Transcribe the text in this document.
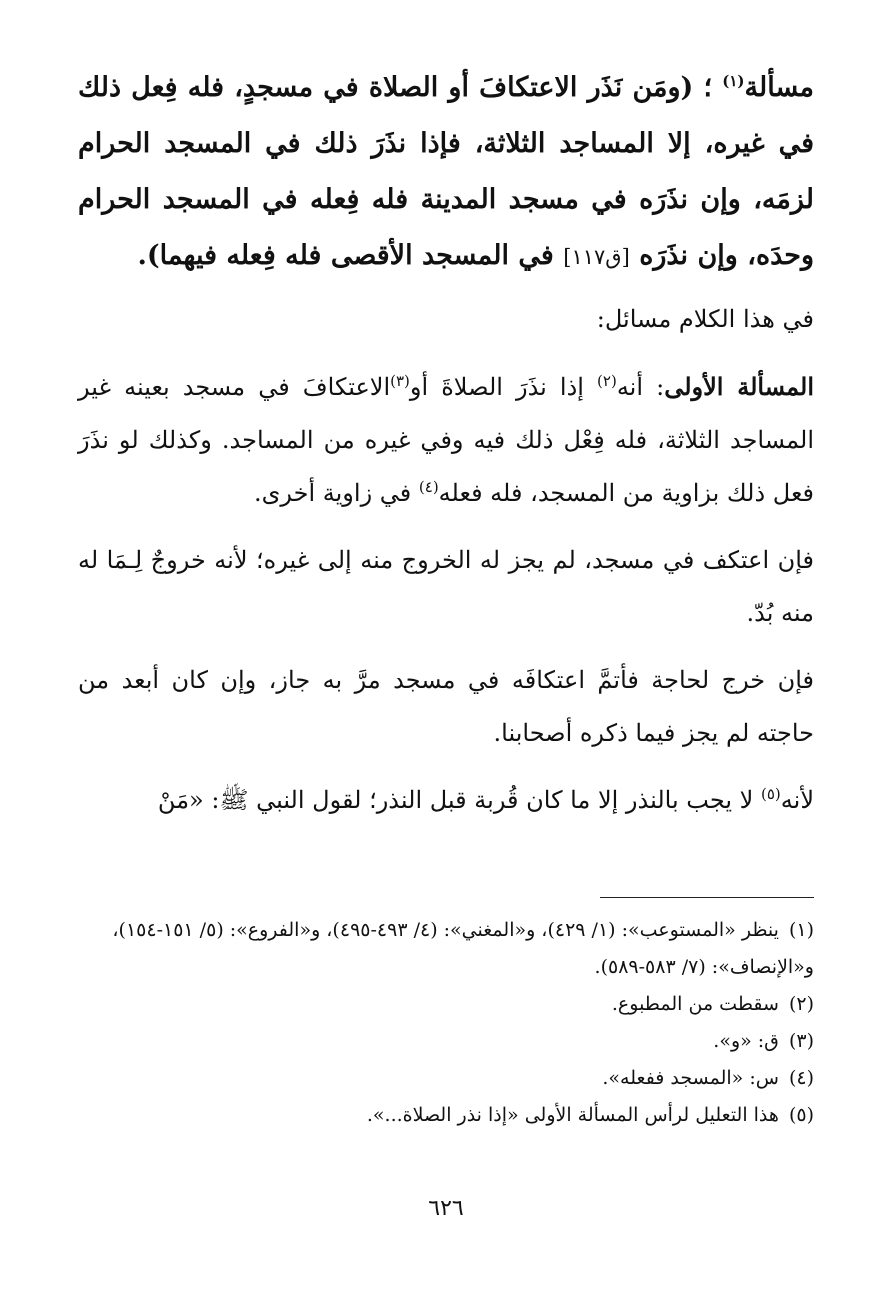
مسألة$^{(١)}$ ؛ (ومَن نَذَر الاعتكافَ أو الصلاة في مسجدٍ، فله فِعل ذلك في غيره، إلا المساجد الثلاثة، فإذا نذَرَ ذلك في المسجد الحرام لزمَه، وإن نذَرَه في مسجد المدينة فله فِعله في المسجد الحرام وحدَه، وإن نذَرَه [ق١١٧] في المسجد الأقصى فله فِعله فيهما).

في هذا الكلام مسائل:

المسألة الأولى: أنه$^{(٢)}$ إذا نذَرَ الصلاةَ أو$^{(٣)}$الاعتكافَ في مسجد بعينه غير المساجد الثلاثة، فله فِعْل ذلك فيه وفي غيره من المساجد. وكذلك لو نذَرَ فعل ذلك بزاوية من المسجد، فله فعله$^{(٤)}$ في زاوية أخرى.

فإن اعتكف في مسجد، لم يجز له الخروج منه إلى غيره؛ لأنه خروجٌ لِـمَا له منه بُدّ.

فإن خرج لحاجة فأتمَّ اعتكافَه في مسجد مرَّ به جاز، وإن كان أبعد من حاجته لم يجز فيما ذكره أصحابنا.

لأنه$^{(٥)}$ لا يجب بالنذر إلا ما كان قُربة قبل النذر؛ لقول النبي ﷺ: «مَنْ

(١)ينظر «المستوعب»: (١/ ٤٢٩)، و«المغني»: (٤/ ٤٩٣-٤٩٥)، و«الفروع»: (٥/ ١٥١-١٥٤)، و«الإنصاف»: (٧/ ٥٨٣-٥٨٩).

(٢)سقطت من المطبوع.

(٣)ق: «و».

(٤)س: «المسجد ففعله».

(٥)هذا التعليل لرأس المسألة الأولى «إذا نذر الصلاة...».

٦٢٦
